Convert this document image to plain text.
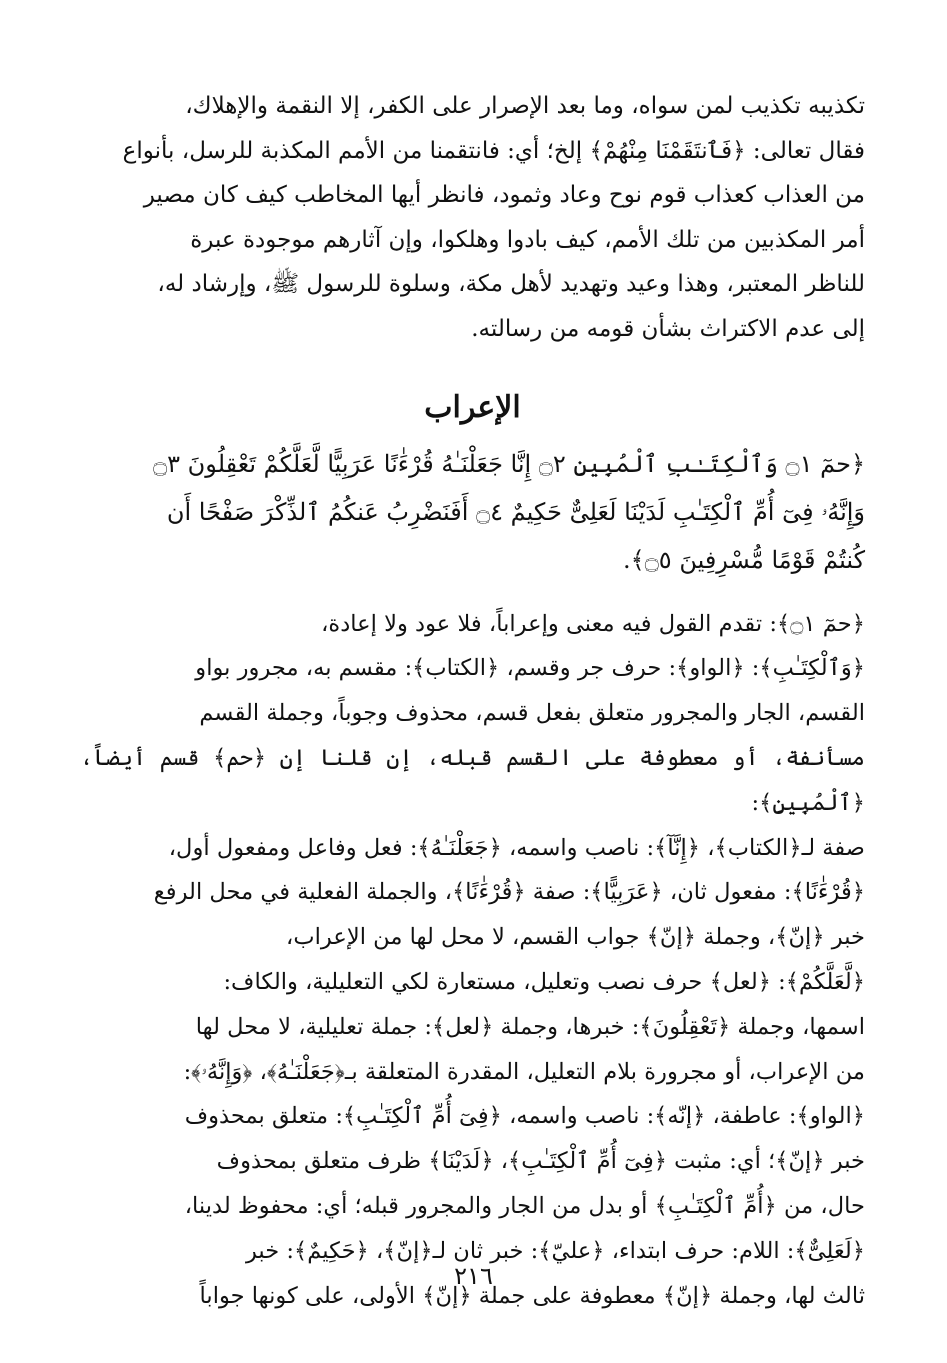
تكذيبه تكذيب لمن سواه، وما بعد الإصرار على الكفر، إلا النقمة والإهلاك،

فقال تعالى: ﴿فَٱنتَقَمْنَا مِنْهُمْ﴾ إلخ؛ أي: فانتقمنا من الأمم المكذبة للرسل، بأنواع

من العذاب كعذاب قوم نوح وعاد وثمود، فانظر أيها المخاطب كيف كان مصير

أمر المكذبين من تلك الأمم، كيف بادوا وهلكوا، وإن آثارهم موجودة عبرة

للناظر المعتبر، وهذا وعيد وتهديد لأهل مكة، وسلوة للرسول ﷺ، وإرشاد له،

إلى عدم الاكتراث بشأن قومه من رسالته.

الإعراب

﴿حمٓ ۝١ وَٱلْكِتَـٰبِ ٱلْمُبِينِ ۝٢ إِنَّا جَعَلْنَـٰهُ قُرْءَٰنًا عَرَبِيًّا لَّعَلَّكُمْ تَعْقِلُونَ ۝٣

وَإِنَّهُۥ فِىٓ أُمِّ ٱلْكِتَـٰبِ لَدَيْنَا لَعَلِىٌّ حَكِيمٌ ۝٤ أَفَنَضْرِبُ عَنكُمُ ٱلذِّكْرَ صَفْحًا أَن

كُنتُمْ قَوْمًا مُّسْرِفِينَ ۝٥﴾.

﴿حمٓ ۝١﴾: تقدم القول فيه معنى وإعراباً، فلا عود ولا إعادة،

﴿وَٱلْكِتَـٰبِ﴾: ﴿الواو﴾: حرف جر وقسم، ﴿الكتاب﴾: مقسم به، مجرور بواو

القسم، الجار والمجرور متعلق بفعل قسم، محذوف وجوباً، وجملة القسم

مسأنفة، أو معطوفة على القسم قبله، إن قلنا إن ﴿حم﴾ قسم أيضاً، ﴿ٱلْمُبِينِ﴾:

صفة لـ﴿الكتاب﴾، ﴿إِنَّآ﴾: ناصب واسمه، ﴿جَعَلْنَـٰهُ﴾: فعل وفاعل ومفعول أول،

﴿قُرْءَٰنًا﴾: مفعول ثان، ﴿عَرَبِيًّا﴾: صفة ﴿قُرْءَٰنًا﴾، والجملة الفعلية في محل الرفع

خبر ﴿إنّ﴾، وجملة ﴿إنّ﴾ جواب القسم، لا محل لها من الإعراب،

﴿لَّعَلَّكُمْ﴾: ﴿لعل﴾ حرف نصب وتعليل، مستعارة لكي التعليلية، والكاف:

اسمها، وجملة ﴿تَعْقِلُونَ﴾: خبرها، وجملة ﴿لعل﴾: جملة تعليلية، لا محل لها

من الإعراب، أو مجرورة بلام التعليل، المقدرة المتعلقة بـ﴿جَعَلْنَـٰهُ﴾، ﴿وَإِنَّهُۥ﴾:

﴿الواو﴾: عاطفة، ﴿إنّه﴾: ناصب واسمه، ﴿فِىٓ أُمِّ ٱلْكِتَـٰبِ﴾: متعلق بمحذوف

خبر ﴿إنّ﴾؛ أي: مثبت ﴿فِىٓ أُمِّ ٱلْكِتَـٰبِ﴾، ﴿لَدَيْنَا﴾ ظرف متعلق بمحذوف

حال، من ﴿أُمِّ ٱلْكِتَـٰبِ﴾ أو بدل من الجار والمجرور قبله؛ أي: محفوظ لدينا،

﴿لَعَلِىٌّ﴾: اللام: حرف ابتداء، ﴿عليّ﴾: خبر ثان لـ﴿إنّ﴾، ﴿حَكِيمٌ﴾: خبر

ثالث لها، وجملة ﴿إنّ﴾ معطوفة على جملة ﴿إنّ﴾ الأولى، على كونها جواباً

٢١٦
